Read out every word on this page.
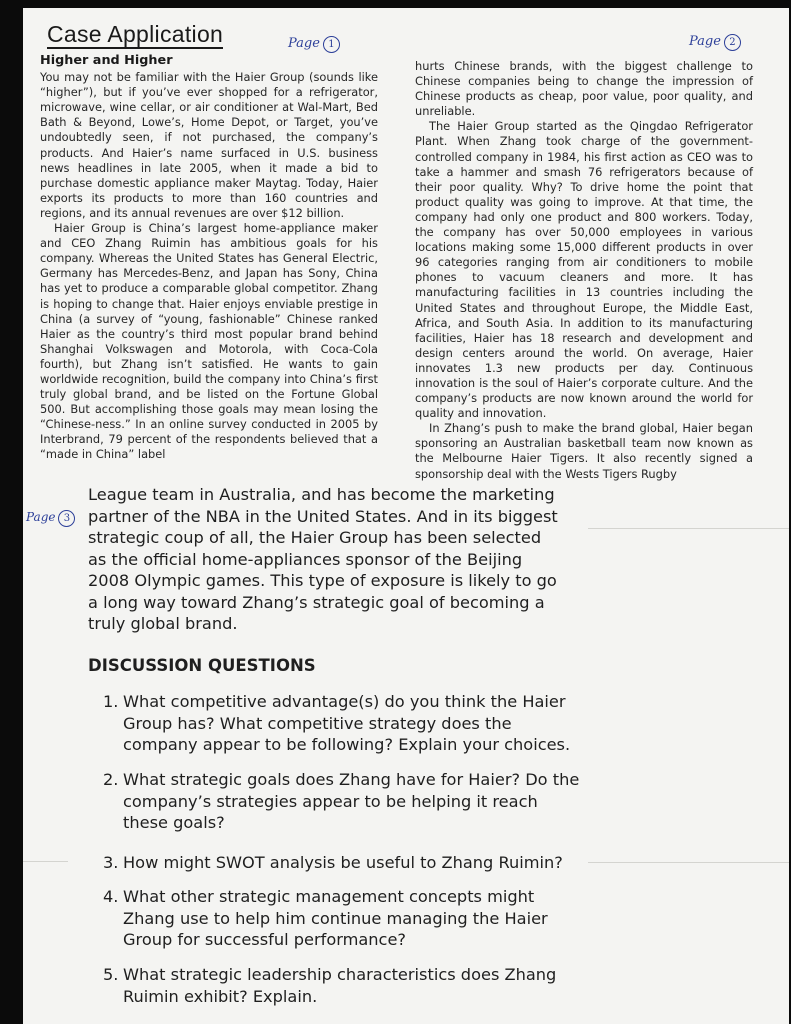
Case Application	Page 1	Page 2
Page 3
Higher and Higher

You may not be familiar with the Haier Group (sounds like “higher”), but if you’ve ever shopped for a refrigerator, microwave, wine cellar, or air conditioner at Wal-Mart, Bed Bath & Beyond, Lowe’s, Home Depot, or Target, you’ve undoubtedly seen, if not purchased, the company’s products. And Haier’s name surfaced in U.S. business news headlines in late 2005, when it made a bid to purchase domestic appliance maker Maytag. Today, Haier exports its products to more than 160 countries and regions, and its annual revenues are over $12 billion.

Haier Group is China’s largest home-appliance maker and CEO Zhang Ruimin has ambitious goals for his company. Whereas the United States has General Electric, Germany has Mercedes-Benz, and Japan has Sony, China has yet to produce a comparable global competitor. Zhang is hoping to change that. Haier enjoys enviable prestige in China (a survey of “young, fashionable” Chinese ranked Haier as the country’s third most popular brand behind Shanghai Volkswagen and Motorola, with Coca-Cola fourth), but Zhang isn’t satisfied. He wants to gain worldwide recognition, build the company into China’s first truly global brand, and be listed on the Fortune Global 500. But accomplishing those goals may mean losing the “Chinese-ness.” In an online survey conducted in 2005 by Interbrand, 79 percent of the respondents believed that a “made in China” label

hurts Chinese brands, with the biggest challenge to Chinese companies being to change the impression of Chinese products as cheap, poor value, poor quality, and unreliable.

The Haier Group started as the Qingdao Refrigerator Plant. When Zhang took charge of the government-controlled company in 1984, his first action as CEO was to take a hammer and smash 76 refrigerators because of their poor quality. Why? To drive home the point that product quality was going to improve. At that time, the company had only one product and 800 workers. Today, the company has over 50,000 employees in various locations making some 15,000 different products in over 96 categories ranging from air conditioners to mobile phones to vacuum cleaners and more. It has manufacturing facilities in 13 countries including the United States and throughout Europe, the Middle East, Africa, and South Asia. In addition to its manufacturing facilities, Haier has 18 research and development and design centers around the world. On average, Haier innovates 1.3 new products per day. Continuous innovation is the soul of Haier’s corporate culture. And the company’s products are now known around the world for quality and innovation.

In Zhang’s push to make the brand global, Haier began sponsoring an Australian basketball team now known as the Melbourne Haier Tigers. It also recently signed a sponsorship deal with the Wests Tigers Rugby

League team in Australia, and has become the marketing partner of the NBA in the United States. And in its biggest strategic coup of all, the Haier Group has been selected as the official home-appliances sponsor of the Beijing 2008 Olympic games. This type of exposure is likely to go a long way toward Zhang’s strategic goal of becoming a truly global brand.

DISCUSSION QUESTIONS
1. What competitive advantage(s) do you think the Haier Group has? What competitive strategy does the company appear to be following? Explain your choices.
2. What strategic goals does Zhang have for Haier? Do the company’s strategies appear to be helping it reach these goals?
3. How might SWOT analysis be useful to Zhang Ruimin?
4. What other strategic management concepts might Zhang use to help him continue managing the Haier Group for successful performance?
5. What strategic leadership characteristics does Zhang Ruimin exhibit? Explain.
